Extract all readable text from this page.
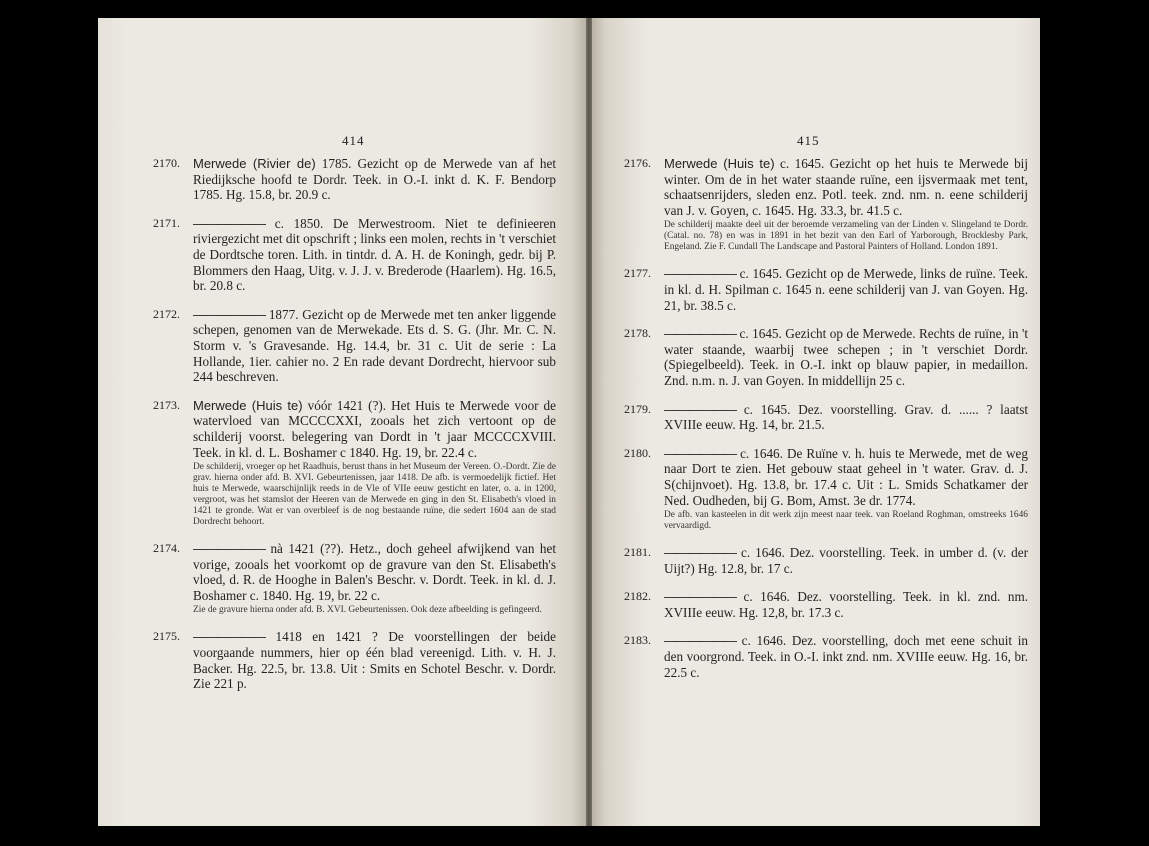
414
2170. Merwede (Rivier de) 1785. Gezicht op de Merwede van af het Riedijksche hoofd te Dordr. Teek. in O.-I. inkt d. K. F. Bendorp 1785. Hg. 15.8, br. 20.9 c.
2171. —————— c. 1850. De Merwestroom. Niet te definieeren riviergezicht met dit opschrift ; links een molen, rechts in 't verschiet de Dordtsche toren. Lith. in tintdr. d. A. H. de Koningh, gedr. bij P. Blommers den Haag, Uitg. v. J. J. v. Brederode (Haarlem). Hg. 16.5, br. 20.8 c.
2172. —————— 1877. Gezicht op de Merwede met ten anker liggende schepen, genomen van de Merwekade. Ets d. S. G. (Jhr. Mr. C. N. Storm v. 's Gravesande. Hg. 14.4, br. 31 c. Uit de serie : La Hollande, 1ier. cahier no. 2 En rade devant Dordrecht, hiervoor sub 244 beschreven.
2173. Merwede (Huis te) vóór 1421 (?). Het Huis te Merwede voor de watervloed van MCCCCXXI, zooals het zich vertoont op de schilderij voorst. belegering van Dordt in 't jaar MCCCCXVIII. Teek. in kl. d. L. Boshamer c 1840. Hg. 19, br. 22.4 c.
De schilderij, vroeger op het Raadhuis, berust thans in het Museum der Vereen. O.-Dordt. Zie de grav. hierna onder afd. B. XVI. Gebeurtenissen, jaar 1418. De afb. is vermoedelijk fictief. Het huis te Merwede, waarschijnlijk reeds in de Vle of VIIe eeuw gesticht en later, o. a. in 1200, vergroot, was het stamslot der Heeren van de Merwede en ging in den St. Elisabeth's vloed in 1421 te gronde. Wat er van overbleef is de nog bestaande ruïne, die sedert 1604 aan de stad Dordrecht behoort.
2174. —————— nà 1421 (??). Hetz., doch geheel afwijkend van het vorige, zooals het voorkomt op de gravure van den St. Elisabeth's vloed, d. R. de Hooghe in Balen's Beschr. v. Dordt. Teek. in kl. d. J. Boshamer c. 1840. Hg. 19, br. 22 c.
Zie de gravure hierna onder afd. B. XVI. Gebeurtenissen. Ook deze afbeelding is gefingeerd.
2175. —————— 1418 en 1421 ? De voorstellingen der beide voorgaande nummers, hier op één blad vereenigd. Lith. v. H. J. Backer. Hg. 22.5, br. 13.8. Uit : Smits en Schotel Beschr. v. Dordr. Zie 221 p.
415
2176. Merwede (Huis te) c. 1645. Gezicht op het huis te Merwede bij winter. Om de in het water staande ruïne, een ijsvermaak met tent, schaatsenrijders, sleden enz. Potl. teek. znd. nm. n. eene schilderij van J. v. Goyen, c. 1645. Hg. 33.3, br. 41.5 c.
De schilderij maakte deel uit der beroemde verzameling van der Linden v. Slingeland te Dordr. (Catal. no. 78) en was in 1891 in het bezit van den Earl of Yarborough, Brocklesby Park, Engeland. Zie F. Cundall The Landscape and Pastoral Painters of Holland. London 1891.
2177. —————— c. 1645. Gezicht op de Merwede, links de ruïne. Teek. in kl. d. H. Spilman c. 1645 n. eene schilderij van J. van Goyen. Hg. 21, br. 38.5 c.
2178. —————— c. 1645. Gezicht op de Merwede. Rechts de ruïne, in 't water staande, waarbij twee schepen ; in 't verschiet Dordr. (Spiegelbeeld). Teek. in O.-I. inkt op blauw papier, in medaillon. Znd. n.m. n. J. van Goyen. In middellijn 25 c.
2179. —————— c. 1645. Dez. voorstelling. Grav. d. ...... ? laatst XVIIIe eeuw. Hg. 14, br. 21.5.
2180. —————— c. 1646. De Ruïne v. h. huis te Merwede, met de weg naar Dort te zien. Het gebouw staat geheel in 't water. Grav. d. J. S(chijnvoet). Hg. 13.8, br. 17.4 c. Uit : L. Smids Schatkamer der Ned. Oudheden, bij G. Bom, Amst. 3e dr. 1774.
De afb. van kasteelen in dit werk zijn meest naar teek. van Roeland Roghman, omstreeks 1646 vervaardigd.
2181. —————— c. 1646. Dez. voorstelling. Teek. in umber d. (v. der Uijt?) Hg. 12.8, br. 17 c.
2182. —————— c. 1646. Dez. voorstelling. Teek. in kl. znd. nm. XVIIIe eeuw. Hg. 12,8, br. 17.3 c.
2183. —————— c. 1646. Dez. voorstelling, doch met eene schuit in den voorgrond. Teek. in O.-I. inkt znd. nm. XVIIIe eeuw. Hg. 16, br. 22.5 c.
